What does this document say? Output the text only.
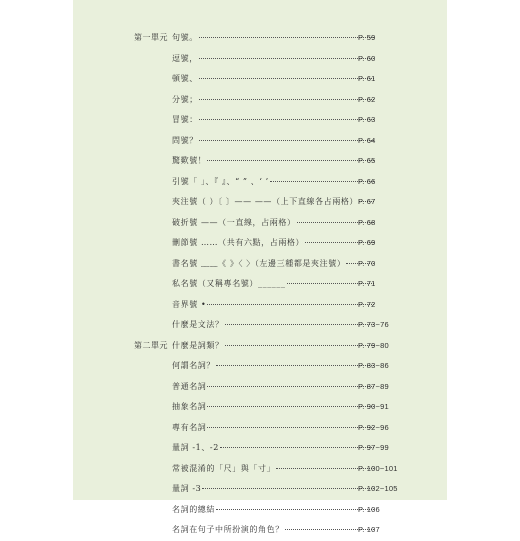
第一單元 句號。	P. 59
逗號，	P. 60
頓號、	P. 61
分號；	P. 62
冒號：	P. 63
問號？	P. 64
驚歎號！	P. 65
引號「 」、『 』、“ ” 、‘ ’	P. 66
夾注號（ ）〔 〕—— ——（上下直線各占兩格） P. 67
破折號 ——（一直線，占兩格）	P. 68
刪節號 ……（共有六點，占兩格）	P. 69
書名號 ﹏﹏《 》〈 〉（左邊三種都是夾注號） P. 70
私名號（又稱專名號）______	P. 71
音界號 •	P. 72
什麼是文法？	P. 73~76
第二單元 什麼是詞類？	P. 79~80
何謂名詞？	P. 83~86
普通名詞	P. 87~89
抽象名詞	P. 90~91
專有名詞	P. 92~96
量詞 -1、-2	P. 97~99
常被混淆的「尺」與「寸」	P. 100~101
量詞 -3	P. 102~105
名詞的總結	P. 106
名詞在句子中所扮演的角色？	P. 107
